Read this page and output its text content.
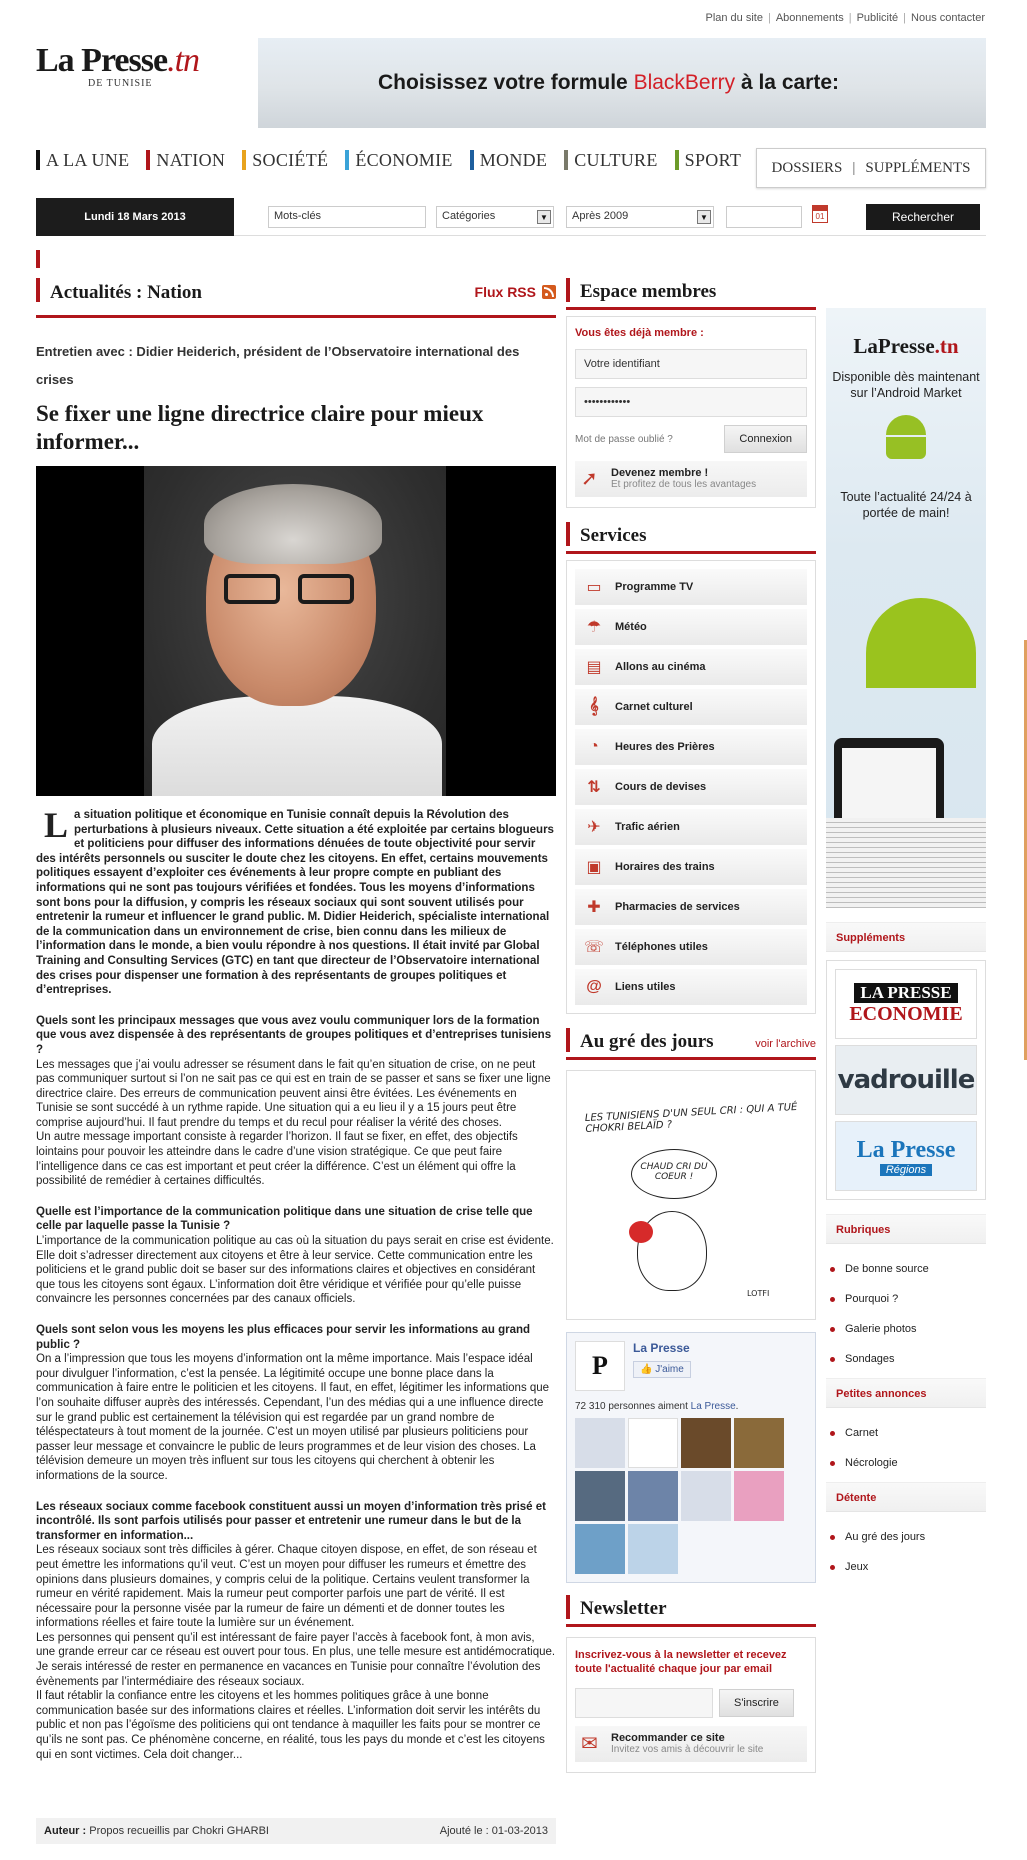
Plan du site | Abonnements | Publicité | Nous contacter
La Presse.tn
DE TUNISIE	Choisissez votre formule BlackBerry à la carte:
A LA UNE NATION SOCIÉTÉ ÉCONOMIE MONDE CULTURE SPORT DOSSIERS | SUPPLÉMENTS
Lundi 18 Mars 2013	Mots-clés	Catégories	▼	Après 2009	▼	01	Rechercher
Actualités : Nation	Flux RSS
Entretien avec : Didier Heiderich, président de l’Observatoire international des crises
Se fixer une ligne directrice claire pour mieux informer...

La situation politique et économique en Tunisie connaît depuis la Révolution des perturbations à plusieurs niveaux. Cette situation a été exploitée par certains blogueurs et politiciens pour diffuser des informations dénuées de toute objectivité pour servir des intérêts personnels ou susciter le doute chez les citoyens. En effet, certains mouvements politiques essayent d’exploiter ces événements à leur propre compte en publiant des informations qui ne sont pas toujours vérifiées et fondées. Tous les moyens d’informations sont bons pour la diffusion, y compris les réseaux sociaux qui sont souvent utilisés pour entretenir la rumeur et influencer le grand public. M. Didier Heiderich, spécialiste international de la communication dans un environnement de crise, bien connu dans les milieux de l’information dans le monde, a bien voulu répondre à nos questions. Il était invité par Global Training and Consulting Services (GTC) en tant que directeur de l’Observatoire international des crises pour dispenser une formation à des représentants de groupes politiques et d’entreprises.

Quels sont les principaux messages que vous avez voulu communiquer lors de la formation que vous avez dispensée à des représentants de groupes politiques et d’entreprises tunisiens ?

Les messages que j’ai voulu adresser se résument dans le fait qu’en situation de crise, on ne peut pas communiquer surtout si l’on ne sait pas ce qui est en train de se passer et sans se fixer une ligne directrice claire. Des erreurs de communication peuvent ainsi être évitées. Les événements en Tunisie se sont succédé à un rythme rapide. Une situation qui a eu lieu il y a 15 jours peut être comprise aujourd’hui. Il faut prendre du temps et du recul pour réaliser la vérité des choses.

Un autre message important consiste à regarder l’horizon. Il faut se fixer, en effet, des objectifs lointains pour pouvoir les atteindre dans le cadre d’une vision stratégique. Ce que peut faire l’intelligence dans ce cas est important et peut créer la différence. C’est un élément qui offre la possibilité de remédier à certaines difficultés.

Quelle est l’importance de la communication politique dans une situation de crise telle que celle par laquelle passe la Tunisie ?

L’importance de la communication politique au cas où la situation du pays serait en crise est évidente. Elle doit s’adresser directement aux citoyens et être à leur service. Cette communication entre les politiciens et le grand public doit se baser sur des informations claires et objectives en considérant que tous les citoyens sont égaux. L’information doit être véridique et vérifiée pour qu’elle puisse convaincre les personnes concernées par des canaux officiels.

Quels sont selon vous les moyens les plus efficaces pour servir les informations au grand public ?

On a l’impression que tous les moyens d’information ont la même importance. Mais l’espace idéal pour divulguer l’information, c’est la pensée. La légitimité occupe une bonne place dans la communication à faire entre le politicien et les citoyens. Il faut, en effet, légitimer les informations que l’on souhaite diffuser auprès des intéressés. Cependant, l’un des médias qui a une influence directe sur le grand public est certainement la télévision qui est regardée par un grand nombre de téléspectateurs à tout moment de la journée. C’est un moyen utilisé par plusieurs politiciens pour passer leur message et convaincre le public de leurs programmes et de leur vision des choses. La télévision demeure un moyen très influent sur tous les citoyens qui cherchent à obtenir les informations de la source.

Les réseaux sociaux comme facebook constituent aussi un moyen d’information très prisé et incontrôlé. Ils sont parfois utilisés pour passer et entretenir une rumeur dans le but de la transformer en information...

Les réseaux sociaux sont très difficiles à gérer. Chaque citoyen dispose, en effet, de son réseau et peut émettre les informations qu’il veut. C’est un moyen pour diffuser les rumeurs et émettre des opinions dans plusieurs domaines, y compris celui de la politique. Certains veulent transformer la rumeur en vérité rapidement. Mais la rumeur peut comporter parfois une part de vérité. Il est nécessaire pour la personne visée par la rumeur de faire un démenti et de donner toutes les informations réelles et faire toute la lumière sur un événement.

Les personnes qui pensent qu’il est intéressant de faire payer l’accès à facebook font, à mon avis, une grande erreur car ce réseau est ouvert pour tous. En plus, une telle mesure est antidémocratique. Je serais intéressé de rester en permanence en vacances en Tunisie pour connaître l’évolution des évènements par l’intermédiaire des réseaux sociaux.

Il faut rétablir la confiance entre les citoyens et les hommes politiques grâce à une bonne communication basée sur des informations claires et réelles. L’information doit servir les intérêts du public et non pas l’égoïsme des politiciens qui ont tendance à maquiller les faits pour se montrer ce qu’ils ne sont pas. Ce phénomène concerne, en réalité, tous les pays du monde et c’est les citoyens qui en sont victimes. Cela doit changer...

Auteur : Propos recueillis par Chokri GHARBI	Ajouté le : 01-03-2013
Espace membres
Vous êtes déjà membre :
Votre identifiant
••••••••••••
Mot de passe oublié ?	Connexion
➚	Devenez membre !
Et profitez de tous les avantages
Services
▭	Programme TV
☂	Météo
▤	Allons au cinéma
𝄞	Carnet culturel
◔	Heures des Prières
⇅	Cours de devises
✈	Trafic aérien
▣	Horaires des trains
✚	Pharmacies de services
☏ Téléphones utiles
@ Liens utiles
Au gré des jours	voir l'archive
LES TUNISIENS D'UN SEUL CRI : QUI A TUÉ CHOKRI BELAÏD ?
CHAUD CRI DU COEUR !
LOTFI
P
La Presse
👍 J'aime
72 310 personnes aiment La Presse.
Newsletter
Inscrivez-vous à la newsletter et recevez toute l'actualité chaque jour par email
S'inscrire
✉	Recommander ce site
Invitez vos amis à découvrir le site
LaPresse.tn
Disponible dès maintenant sur l’Android Market
Toute l’actualité 24/24 à portée de main!
Suppléments
LA PRESSE
ECONOMIE
vadrouille
La Presse
Régions
Rubriques
De bonne source
Pourquoi ?
Galerie photos
Sondages
Petites annonces
Carnet
Nécrologie
Détente
Au gré des jours
Jeux
